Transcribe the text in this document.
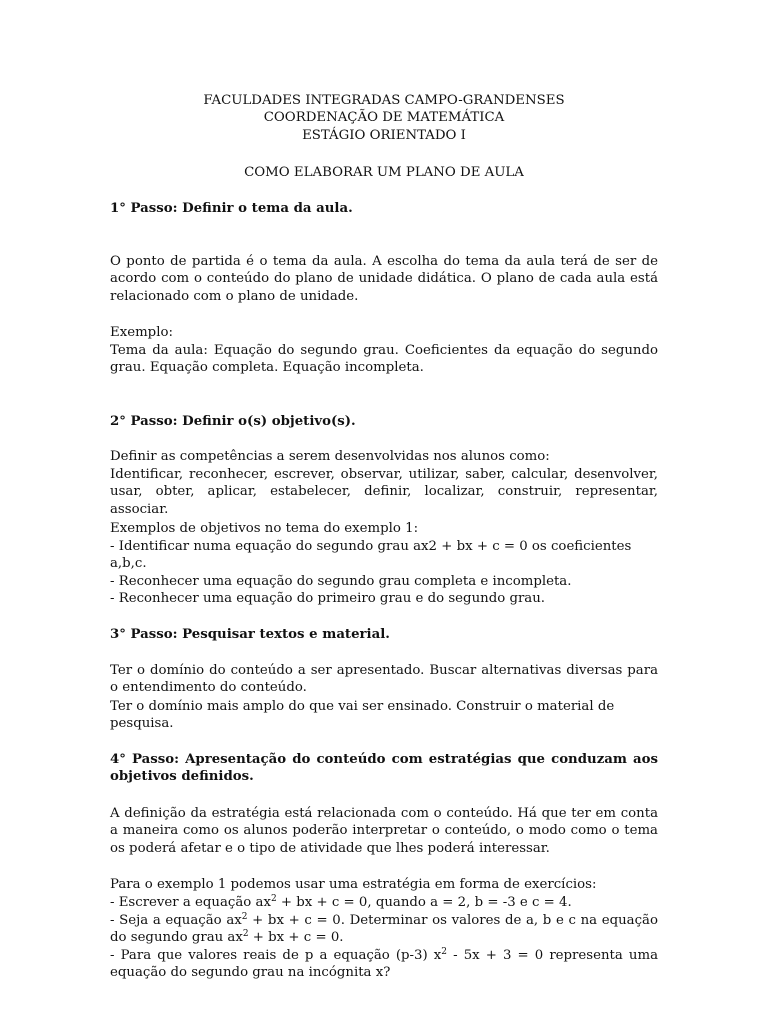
FACULDADES INTEGRADAS CAMPO-GRANDENSES
COORDENAÇÃO DE MATEMÁTICA
ESTÁGIO ORIENTADO I
COMO ELABORAR UM PLANO DE AULA
1° Passo: Definir o tema da aula.
O ponto de partida é o tema da aula. A escolha do tema da aula terá de ser de acordo com o conteúdo do plano de unidade didática. O plano de cada aula está relacionado com o plano de unidade.
Exemplo:
Tema da aula: Equação do segundo grau. Coeficientes da equação do segundo grau. Equação completa. Equação incompleta.
2° Passo: Definir o(s) objetivo(s).
Definir as competências a serem desenvolvidas nos alunos como:
Identificar, reconhecer, escrever, observar, utilizar, saber, calcular, desenvolver, usar, obter, aplicar, estabelecer, definir, localizar, construir, representar, associar.
Exemplos de objetivos no tema do exemplo 1:
- Identificar numa equação do segundo grau ax2 + bx + c = 0 os coeficientes a,b,c.
- Reconhecer uma equação do segundo grau completa e incompleta.
- Reconhecer uma equação do primeiro grau e do segundo grau.
3° Passo: Pesquisar textos e material.
Ter o domínio do conteúdo a ser apresentado. Buscar alternativas diversas para o entendimento do conteúdo.
Ter o domínio mais amplo do que vai ser ensinado. Construir o material de pesquisa.
4° Passo: Apresentação do conteúdo com estratégias que conduzam aos objetivos definidos.
A definição da estratégia está relacionada com o conteúdo. Há que ter em conta a maneira como os alunos poderão interpretar o conteúdo, o modo como o tema os poderá afetar e o tipo de atividade que lhes poderá interessar.
Para o exemplo 1 podemos usar uma estratégia em forma de exercícios:
- Escrever a equação $ax^2$ + bx + c = 0, quando a = 2, b = -3 e c = 4.
- Seja a equação $ax^2$ + bx + c = 0. Determinar os valores de a, b e c na equação do segundo grau $ax^2$ + bx + c = 0.
- Para que valores reais de p a equação (p-3) $x^2 - 5x + 3 = 0$ representa uma equação do segundo grau na incógnita x?
